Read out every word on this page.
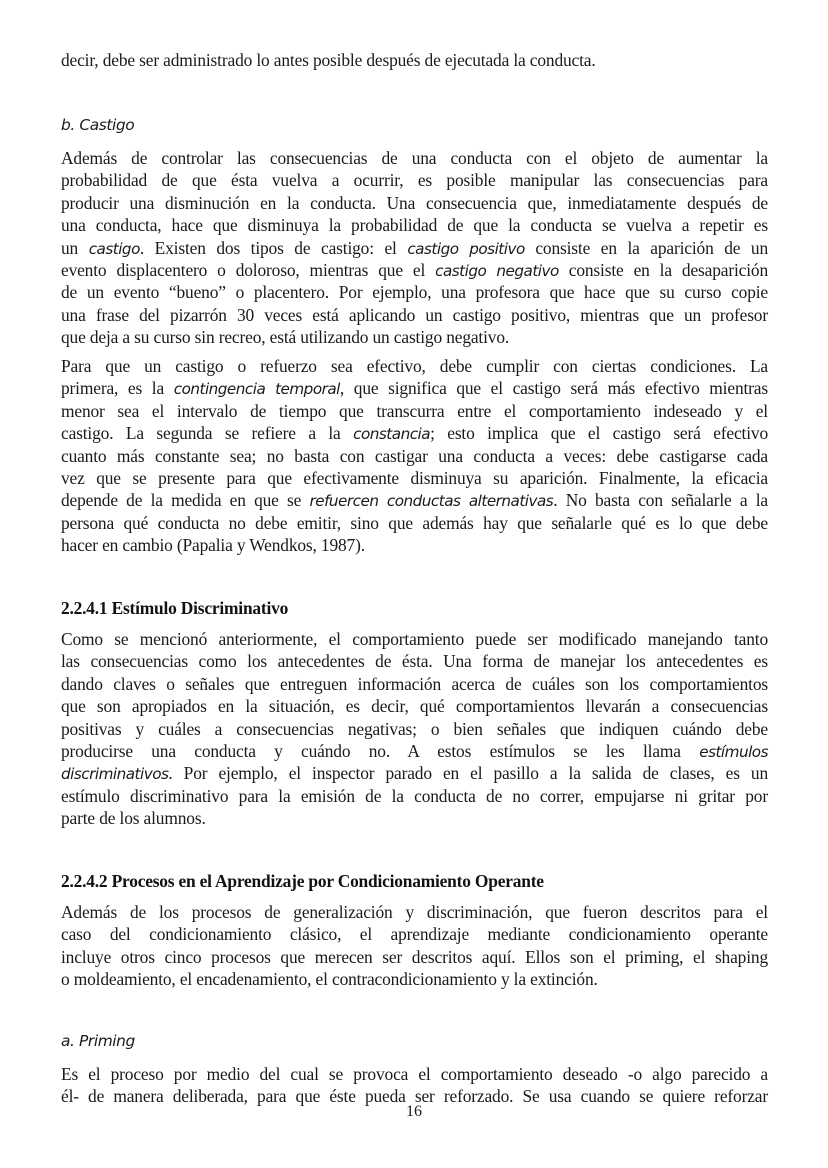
decir, debe ser administrado lo antes posible después de ejecutada la conducta.

b. Castigo

Además de controlar las consecuencias de una conducta con el objeto de aumentar la
probabilidad de que ésta vuelva a ocurrir, es posible manipular las consecuencias para
producir una disminución en la conducta. Una consecuencia que, inmediatamente después de
una conducta, hace que disminuya la probabilidad de que la conducta se vuelva a repetir es
un castigo. Existen dos tipos de castigo: el castigo positivo consiste en la aparición de un
evento displacentero o doloroso, mientras que el castigo negativo consiste en la desaparición
de un evento “bueno” o placentero. Por ejemplo, una profesora que hace que su curso copie
una frase del pizarrón 30 veces está aplicando un castigo positivo, mientras que un profesor
que deja a su curso sin recreo, está utilizando un castigo negativo.

Para que un castigo o refuerzo sea efectivo, debe cumplir con ciertas condiciones. La
primera, es la contingencia temporal, que significa que el castigo será más efectivo mientras
menor sea el intervalo de tiempo que transcurra entre el comportamiento indeseado y el
castigo. La segunda se refiere a la constancia; esto implica que el castigo será efectivo
cuanto más constante sea; no basta con castigar una conducta a veces: debe castigarse cada
vez que se presente para que efectivamente disminuya su aparición. Finalmente, la eficacia
depende de la medida en que se refuercen conductas alternativas. No basta con señalarle a la
persona qué conducta no debe emitir, sino que además hay que señalarle qué es lo que debe
hacer en cambio (Papalia y Wendkos, 1987).

2.2.4.1 Estímulo Discriminativo

Como se mencionó anteriormente, el comportamiento puede ser modificado manejando tanto
las consecuencias como los antecedentes de ésta. Una forma de manejar los antecedentes es
dando claves o señales que entreguen información acerca de cuáles son los comportamientos
que son apropiados en la situación, es decir, qué comportamientos llevarán a consecuencias
positivas y cuáles a consecuencias negativas; o bien señales que indiquen cuándo debe
producirse una conducta y cuándo no. A estos estímulos se les llama estímulos
discriminativos. Por ejemplo, el inspector parado en el pasillo a la salida de clases, es un
estímulo discriminativo para la emisión de la conducta de no correr, empujarse ni gritar por
parte de los alumnos.

2.2.4.2 Procesos en el Aprendizaje por Condicionamiento Operante

Además de los procesos de generalización y discriminación, que fueron descritos para el
caso del condicionamiento clásico, el aprendizaje mediante condicionamiento operante
incluye otros cinco procesos que merecen ser descritos aquí. Ellos son el priming, el shaping
o moldeamiento, el encadenamiento, el contracondicionamiento y la extinción.

a. Priming

Es el proceso por medio del cual se provoca el comportamiento deseado -o algo parecido a
él- de manera deliberada, para que éste pueda ser reforzado. Se usa cuando se quiere reforzar

16
